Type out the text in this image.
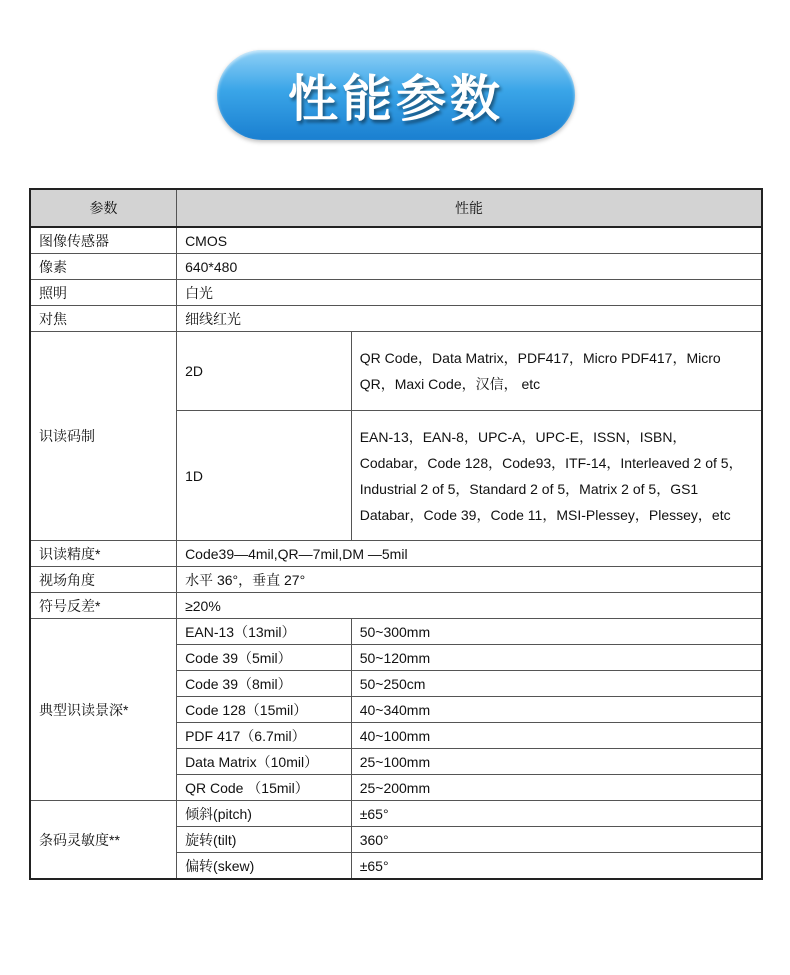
性能参数
参数	性能	
图像传感器	CMOS	
像素	640*480	
照明	白光	
对焦	细线红光	
识读码制	2D	QR Code，Data Matrix，PDF417，Micro PDF417，Micro QR，Maxi Code，汉信， etc
	1D	EAN-13，EAN-8，UPC-A，UPC-E，ISSN，ISBN，Codabar，Code 128，Code93，ITF-14，Interleaved 2 of 5，Industrial 2 of 5，Standard 2 of 5，Matrix 2 of 5，GS1 Databar，Code 39，Code 11，MSI-Plessey，Plessey，etc
识读精度*	Code39—4mil,QR—7mil,DM —5mil	
视场角度	水平 36°，垂直 27°	
符号反差*	≥20%	
典型识读景深*	EAN-13（13mil）	50~300mm
	Code 39（5mil）	50~120mm
	Code 39（8mil）	50~250cm
	Code 128（15mil）	40~340mm
	PDF 417（6.7mil）	40~100mm
	Data Matrix（10mil）	25~100mm
	QR Code （15mil）	25~200mm
条码灵敏度**	倾斜(pitch)	±65°
	旋转(tilt)	360°
	偏转(skew)	±65°
